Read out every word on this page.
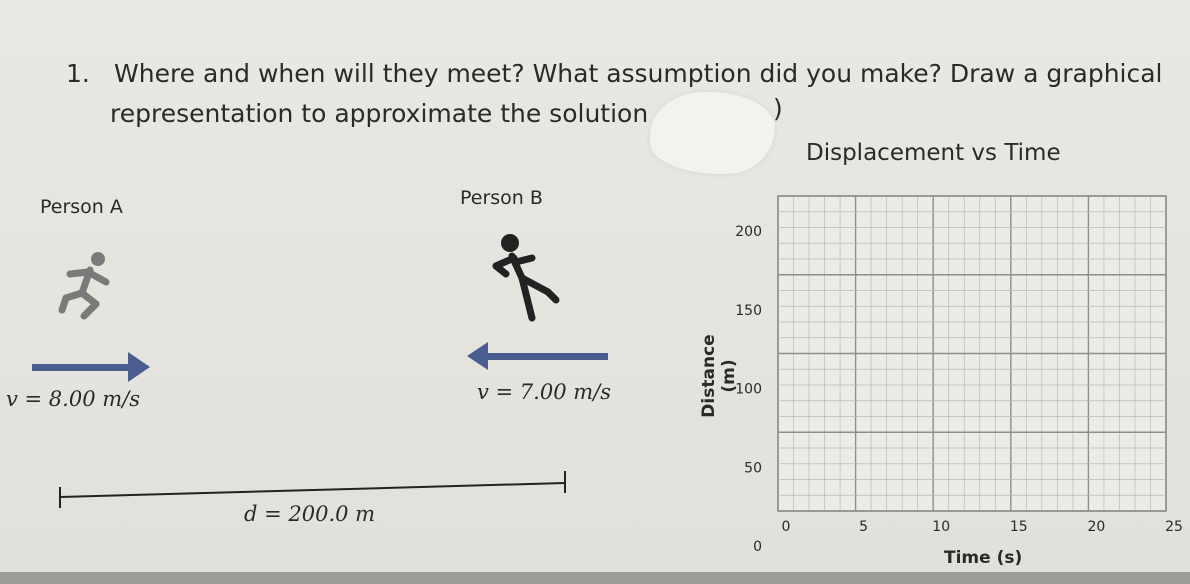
1. Where and when will they meet? What assumption did you make? Draw a graphical
representation to approximate the solution	)
Person A
v = 8.00 m/s
Person B
v = 7.00 m/s
d = 200.0 m
Displacement vs Time
Distance (m)
Time (s)
0	5	10	15	20	25
0
50
100
150
200
